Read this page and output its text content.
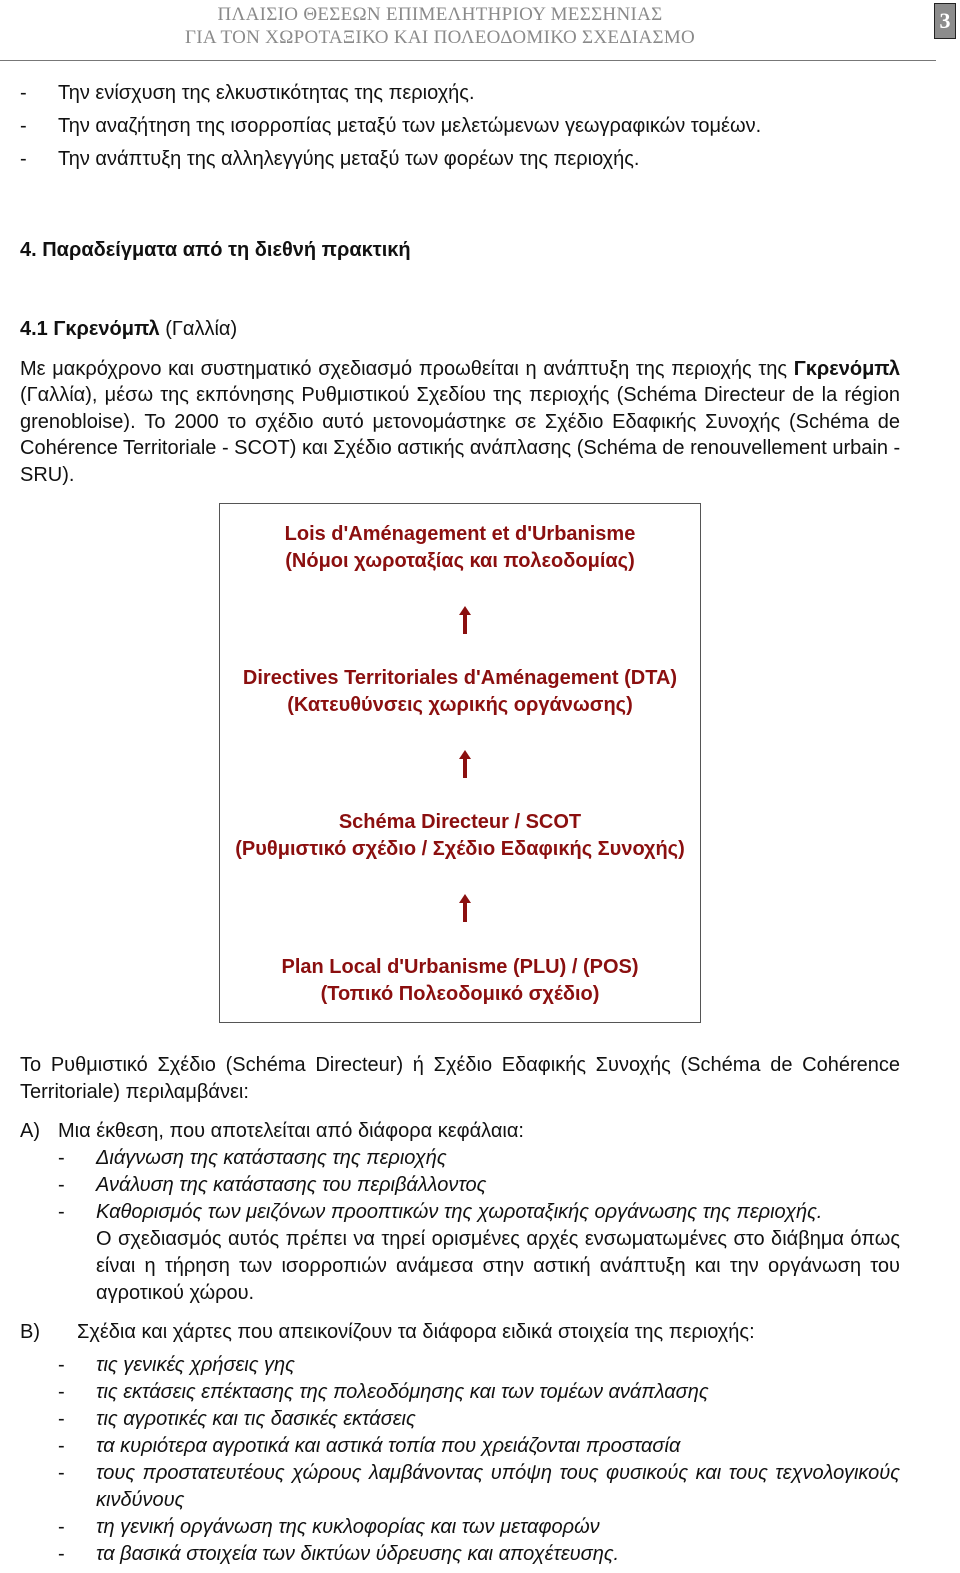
ΠΛΑΙΣΙΟ ΘΕΣΕΩΝ ΕΠΙΜΕΛΗΤΗΡΙΟΥ ΜΕΣΣΗΝΙΑΣ
ΓΙΑ ΤΟΝ ΧΩΡΟΤΑΞΙΚΟ ΚΑΙ ΠΟΛΕΟΔΟΜΙΚΟ ΣΧΕΔΙΑΣΜΟ
3
- Την ενίσχυση της ελκυστικότητας της περιοχής.
- Την αναζήτηση της ισορροπίας μεταξύ των μελετώμενων γεωγραφικών τομέων.
- Την ανάπτυξη της αλληλεγγύης μεταξύ των φορέων της περιοχής.
4. Παραδείγματα από τη διεθνή πρακτική
4.1 Γκρενόμπλ (Γαλλία)
Με μακρόχρονο και συστηματικό σχεδιασμό προωθείται η ανάπτυξη της περιοχής της Γκρενόμπλ
(Γαλλία), μέσω της εκπόνησης Ρυθμιστικού Σχεδίου της περιοχής (Schéma Directeur de la région
grenobloise). Το 2000 το σχέδιο αυτό μετονομάστηκε σε Σχέδιο Εδαφικής Συνοχής (Schéma de
Cohérence Territoriale - SCOT) και Σχέδιο αστικής ανάπλασης (Schéma de renouvellement urbain -
SRU).
Lois d'Aménagement et d'Urbanisme
(Νόμοι χωροταξίας και πολεοδομίας)
Directives Territoriales d'Aménagement (DTA)
(Κατευθύνσεις χωρικής οργάνωσης)
Schéma Directeur / SCOT
(Ρυθμιστικό σχέδιο / Σχέδιο Εδαφικής Συνοχής)
Plan Local d'Urbanisme (PLU) / (POS)
(Τοπικό Πολεοδομικό σχέδιο)
Το Ρυθμιστικό Σχέδιο (Schéma Directeur) ή Σχέδιο Εδαφικής Συνοχής (Schéma de Cohérence
Territoriale) περιλαμβάνει:
Α) Μια έκθεση, που αποτελείται από διάφορα κεφάλαια:
- Διάγνωση της κατάστασης της περιοχής
- Ανάλυση της κατάστασης του περιβάλλοντος
- Καθορισμός των μειζόνων προοπτικών της χωροταξικής οργάνωσης της περιοχής.
Ο σχεδιασμός αυτός πρέπει να τηρεί ορισμένες αρχές ενσωματωμένες στο διάβημα όπως
είναι η τήρηση των ισορροπιών ανάμεσα στην αστική ανάπτυξη και την οργάνωση του
αγροτικού χώρου.
Β) Σχέδια και χάρτες που απεικονίζουν τα διάφορα ειδικά στοιχεία της περιοχής:
- τις γενικές χρήσεις γης
- τις εκτάσεις επέκτασης της πολεοδόμησης και των τομέων ανάπλασης
- τις αγροτικές και τις δασικές εκτάσεις
- τα κυριότερα αγροτικά και αστικά τοπία που χρειάζονται προστασία
- τους προστατευτέους χώρους λαμβάνοντας υπόψη τους φυσικούς και τους τεχνολογικούς
κινδύνους
- τη γενική οργάνωση της κυκλοφορίας και των μεταφορών
- τα βασικά στοιχεία των δικτύων ύδρευσης και αποχέτευσης.
